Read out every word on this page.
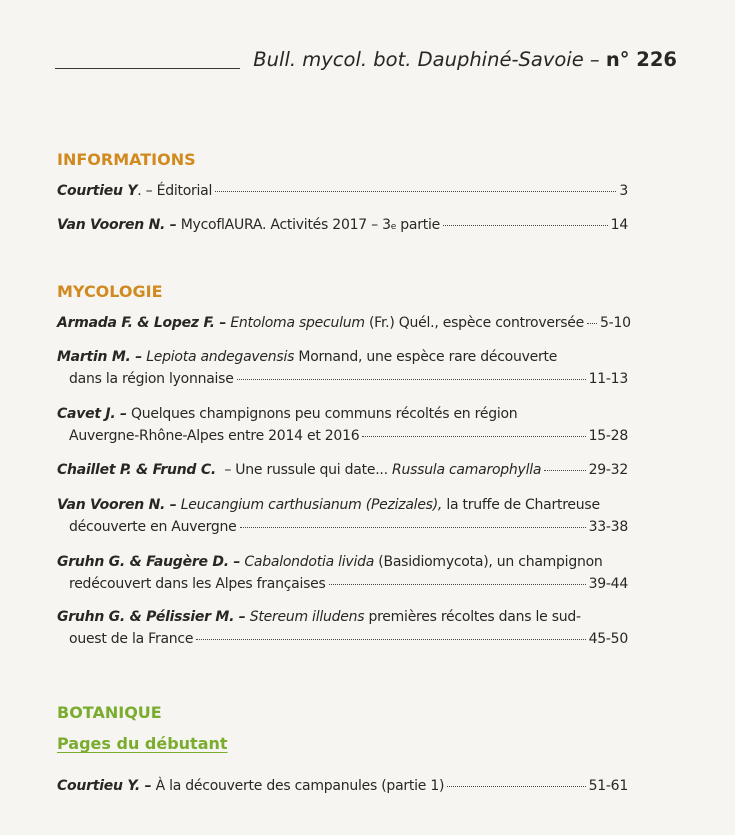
Bull. mycol. bot. Dauphiné-Savoie – n° 226
INFORMATIONS
Courtieu Y . –
Éditorial	3
Van Vooren N. –
MycoflAURA. Activités 2017 – 3 e
partie	14
MYCOLOGIE
Armada F. & Lopez F. –
Entoloma speculum
(Fr.) Quél., espèce controversée 5-10
Martin M. –
Lepiota andegavensis
Mornand, une espèce rare découverte
dans la région lyonnaise	11-13
Cavet J. –
Quelques champignons peu communs récoltés en région
Auvergne-Rhône-Alpes entre 2014 et 2016	15-28
Chaillet P. & Frund C.
– Une russule qui date...
Russula camarophylla	29-32
Van Vooren N. –
Leucangium carthusianum (Pezizales),
la truffe de Chartreuse
découverte en Auvergne	33-38
Gruhn G. & Faugère D. –
Cabalondotia livida
(Basidiomycota), un champignon
redécouvert dans les Alpes françaises	39-44
Gruhn G. & Pélissier M. –
Stereum illudens
premières récoltes dans le sud-
ouest de la France	45-50
BOTANIQUE
Pages du débutant
Courtieu Y. –
À la découverte des campanules (partie 1)	51-61
